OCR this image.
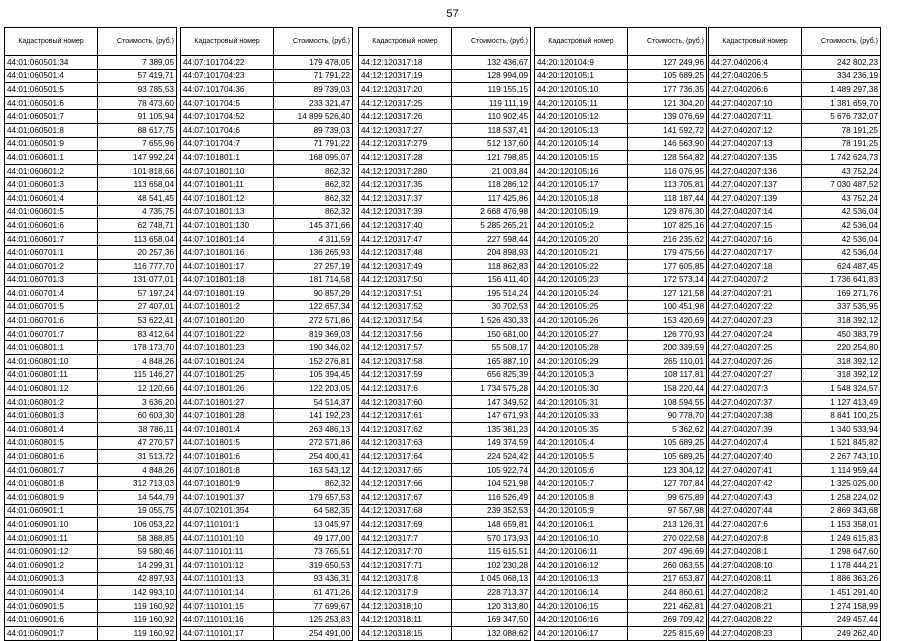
57
Кадастровый номер	Стоимость, (руб.)
44:01:060501:34	7 389,05
44:01:060501:4	57 419,71
44:01:060501:5	93 785,53
44:01:060501:6	78 473,60
44:01:060501:7	91 105,94
44:01:060501:8	88 617,75
44:01:060501:9	7 655,96
44:01:060601:1	147 992,24
44:01:060601:2	101 818,66
44:01:060601:3	113 658,04
44:01:060601:4	48 541,45
44:01:060601:5	4 735,75
44:01:060601:6	62 748,71
44:01:060601:7	113 658,04
44:01:060701:1	20 257,36
44:01:060701:2	116 777,70
44:01:060701:3	131 077,01
44:01:060701:4	57 197,24
44:01:060701:5	27 407,01
44:01:060701:6	53 622,41
44:01:060701:7	83 412,64
44:01:060801:1	178 173,70
44:01:060801:10	4 848,26
44:01:060801:11	115 146,27
44:01:060801:12	12 120,66
44:01:060801:2	3 636,20
44:01:060801:3	60 603,30
44:01:060801:4	38 786,11
44:01:060801:5	47 270,57
44:01:060801:6	31 513,72
44:01:060801:7	4 848,26
44:01:060801:8	312 713,03
44:01:060801:9	14 544,79
44:01:060901:1	19 055,75
44:01:060901:10	106 053,22
44:01:060901:11	58 388,85
44:01:060901:12	59 580,46
44:01:060901:2	14 299,31
44:01:060901:3	42 897,93
44:01:060901:4	142 993,10
44:01:060901:5	119 160,92
44:01:060901:6	119 160,92
44:01:060901:7	119 160,92
Кадастровый номер	Стоимость, (руб.)
44:07:101704:22	179 478,05
44:07:101704:23	71 791,22
44:07:101704:36	89 739,03
44:07:101704:5	233 321,47
44:07:101704:52	14 899 526,40
44:07:101704:6	89 739,03
44:07:101704:7	71 791,22
44:07:101801:1	168 095,07
44:07:101801:10	862,32
44:07:101801:11	862,32
44:07:101801:12	862,32
44:07:101801:13	862,32
44:07:101801:130	145 371,66
44:07:101801:14	4 311,59
44:07:101801:16	136 265,93
44:07:101801:17	27 257,19
44:07:101801:18	181 714,58
44:07:101801:19	90 857,29
44:07:101801:2	122 657,34
44:07:101801:20	272 571,86
44:07:101801:22	819 369,03
44:07:101801:23	190 346,02
44:07:101801:24	152 276,81
44:07:101801:25	105 394,45
44:07:101801:26	122 203,05
44:07:101801:27	54 514,37
44:07:101801:28	141 192,23
44:07:101801:4	263 486,13
44:07:101801:5	272 571,86
44:07:101801:6	254 400,41
44:07:101801:8	163 543,12
44:07:101801:9	862,32
44:07:101901:37	179 657,53
44:07:102101:354	64 582,35
44:07:110101:1	13 045,97
44:07:110101:10	49 177,00
44:07:110101:11	73 765,51
44:07:110101:12	319 650,53
44:07:110101:13	93 436,31
44:07:110101:14	61 471,26
44:07:110101:15	77 699,67
44:07:110101:16	125 253,83
44:07:110101:17	254 491,00
Кадастровый номер	Стоимость, (руб.)
44:12:120317:18	132 436,67
44:12:120317:19	128 994,09
44:12:120317:20	119 155,15
44:12:120317:25	119 111,19
44:12:120317:26	110 902,45
44:12:120317:27	118 537,41
44:12:120317:279	512 137,60
44:12:120317:28	121 798,85
44:12:120317:280	21 003,84
44:12:120317:35	118 286,12
44:12:120317:37	117 425,86
44:12:120317:39	2 668 476,98
44:12:120317:40	5 285 265,21
44:12:120317:47	227 598,44
44:12:120317:48	204 898,93
44:12:120317:49	118 862,83
44:12:120317:50	156 411,40
44:12:120317:51	195 514,24
44:12:120317:52	30 702,53
44:12:120317:54	1 526 430,33
44:12:120317:56	150 681,00
44:12:120317:57	55 508,17
44:12:120317:58	165 887,10
44:12:120317:59	656 825,39
44:12:120317:6	1 734 575,28
44:12:120317:60	147 349,52
44:12:120317:61	147 671,93
44:12:120317:62	135 381,23
44:12:120317:63	149 374,59
44:12:120317:64	224 524,42
44:12:120317:65	105 922,74
44:12:120317:66	104 521,98
44:12:120317:67	116 526,49
44:12:120317:68	239 352,53
44:12:120317:69	148 659,81
44:12:120317:7	570 173,93
44:12:120317:70	115 615,51
44:12:120317:71	102 230,28
44:12:120317:8	1 045 068,13
44:12:120317:9	228 713,37
44:12:120318:10	120 313,80
44:12:120318:11	169 347,50
44:12:120318:15	132 088,62
Кадастровый номер	Стоимость, (руб.)
44:20:120104:9	127 249,96
44:20:120105:1	105 689,25
44:20:120105:10	177 736,35
44:20:120105:11	121 304,20
44:20:120105:12	139 076,69
44:20:120105:13	141 592,72
44:20:120105:14	146 563,90
44:20:120105:15	128 564,82
44:20:120105:16	116 076,95
44:20:120105:17	113 705,81
44:20:120105:18	118 187,44
44:20:120105:19	129 876,30
44:20:120105:2	107 825,16
44:20:120105:20	216 235,62
44:20:120105:21	179 475,56
44:20:120105:22	177 605,85
44:20:120105:23	172 573,14
44:20:120105:24	127 121,58
44:20:120105:25	100 451,98
44:20:120105:26	153 420,69
44:20:120105:27	126 770,93
44:20:120105:28	200 339,59
44:20:120105:29	265 110,01
44:20:120105:3	108 117,81
44:20:120105:30	158 220,44
44:20:120105:31	108 594,55
44:20:120105:33	90 778,70
44:20:120105:35	5 362,62
44:20:120105:4	105 689,25
44:20:120105:5	105 689,25
44:20:120105:6	123 304,12
44:20:120105:7	127 707,84
44:20:120105:8	99 675,89
44:20:120105:9	97 567,98
44:20:120106:1	213 126,31
44:20:120106:10	270 022,58
44:20:120106:11	207 496,69
44:20:120106:12	260 063,55
44:20:120106:13	217 653,87
44:20:120106:14	244 860,61
44:20:120106:15	221 462,81
44:20:120106:16	269 709,42
44:20:120106:17	225 815,69
Кадастровый номер	Стоимость, (руб.)
44:27:040206:4	242 802,23
44:27:040206:5	334 236,19
44:27:040206:6	1 489 297,38
44:27:040207:10	1 381 659,70
44:27:040207:11	5 676 732,07
44:27:040207:12	78 191,25
44:27:040207:13	78 191,25
44:27:040207:135	1 742 624,73
44:27:040207:136	43 752,24
44:27:040207:137	7 030 487,52
44:27:040207:139	43 752,24
44:27:040207:14	42 536,04
44:27:040207:15	42 536,04
44:27:040207:16	42 536,04
44:27:040207:17	42 536,04
44:27:040207:18	624 487,45
44:27:040207:2	1 736 641,83
44:27:040207:21	169 271,76
44:27:040207:22	337 535,95
44:27:040207:23	318 392,12
44:27:040207:24	450 383,79
44:27:040207:25	220 254,80
44:27:040207:26	318 392,12
44:27:040207:27	318 392,12
44:27:040207:3	1 548 324,57
44:27:040207:37	1 127 413,49
44:27:040207:38	8 841 100,25
44:27:040207:39	1 340 533,94
44:27:040207:4	1 521 845,82
44:27:040207:40	2 267 743,10
44:27:040207:41	1 114 959,44
44:27:040207:42	1 325 025,00
44:27:040207:43	1 258 224,02
44:27:040207:44	2 869 343,68
44:27:040207:6	1 153 358,01
44:27:040207:8	1 249 615,83
44:27:040208:1	1 298 647,60
44:27:040208:10	1 178 444,21
44:27:040208:11	1 886 363,26
44:27:040208:2	1 451 291,40
44:27:040208:21	1 274 158,99
44:27:040208:22	249 457,44
44:27:040208:23	249 262,40
